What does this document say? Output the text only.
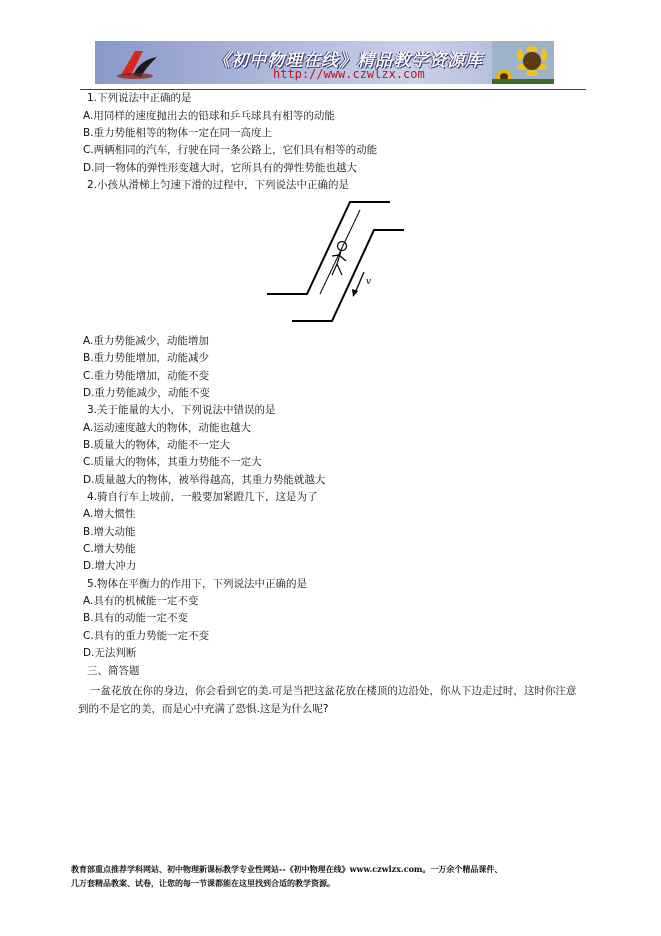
《初中物理在线》精品教学资源库
http://www.czwlzx.com
1.下列说法中正确的是
A.用同样的速度抛出去的铅球和乒乓球具有相等的动能
B.重力势能相等的物体一定在同一高度上
C.两辆相同的汽车，行驶在同一条公路上，它们具有相等的动能
D.同一物体的弹性形变越大时，它所具有的弹性势能也越大
2.小孩从滑梯上匀速下滑的过程中，下列说法中正确的是
v
A.重力势能减少，动能增加
B.重力势能增加，动能减少
C.重力势能增加，动能不变
D.重力势能减少，动能不变
3.关于能量的大小，下列说法中错误的是
A.运动速度越大的物体，动能也越大
B.质量大的物体，动能不一定大
C.质量大的物体，其重力势能不一定大
D.质量越大的物体，被举得越高，其重力势能就越大
4.骑自行车上坡前，一般要加紧蹬几下，这是为了
A.增大惯性
B.增大动能
C.增大势能
D.增大冲力
5.物体在平衡力的作用下，下列说法中正确的是
A.具有的机械能一定不变
B.具有的动能一定不变
C.具有的重力势能一定不变
D.无法判断
三、简答题
一盆花放在你的身边，你会看到它的美.可是当把这盆花放在楼顶的边沿处，你从下边走过时，这时你注意到的不是它的美，而是心中充满了恐惧.这是为什么呢?
教育部重点推荐学科网站、初中物理新课标教学专业性网站--《初中物理在线》www.czwlzx.com。一万余个精品课件、
几万套精品教案、试卷，让您的每一节课都能在这里找到合适的教学资源。
